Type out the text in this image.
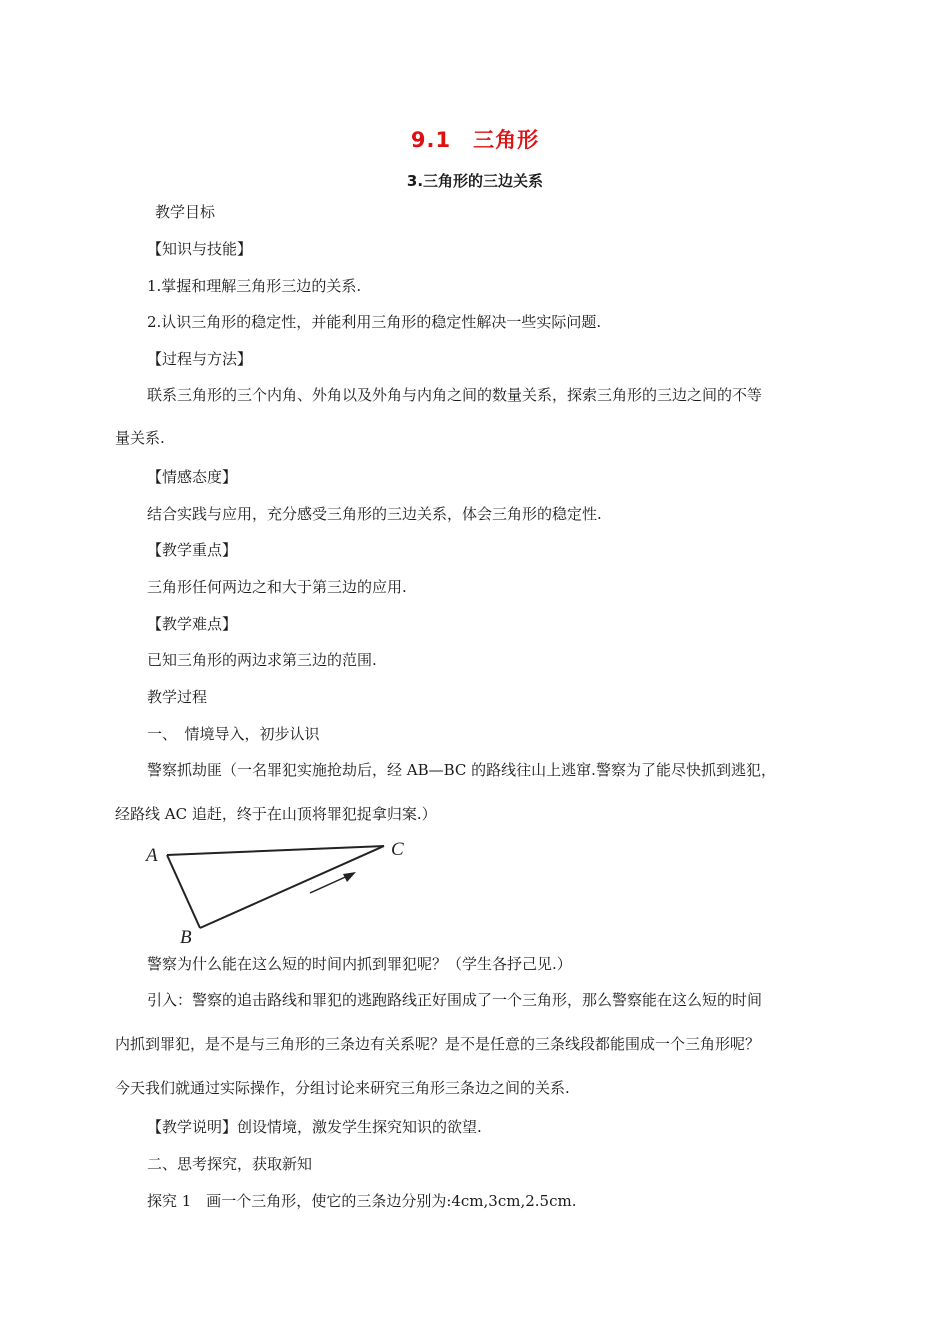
9.1　三角形
3.三角形的三边关系
教学目标
【知识与技能】
1.掌握和理解三角形三边的关系.
2.认识三角形的稳定性，并能利用三角形的稳定性解决一些实际问题.
【过程与方法】
联系三角形的三个内角、外角以及外角与内角之间的数量关系，探索三角形的三边之间的不等
量关系.
【情感态度】
结合实践与应用，充分感受三角形的三边关系，体会三角形的稳定性.
【教学重点】
三角形任何两边之和大于第三边的应用.
【教学难点】
已知三角形的两边求第三边的范围.
教学过程
一、　情境导入，初步认识
警察抓劫匪（一名罪犯实施抢劫后，经 AB—BC 的路线往山上逃窜.警察为了能尽快抓到逃犯，
经路线 AC 追赶，终于在山顶将罪犯捉拿归案.）
A
B
C
警察为什么能在这么短的时间内抓到罪犯呢？（学生各抒己见.）
引入：警察的追击路线和罪犯的逃跑路线正好围成了一个三角形，那么警察能在这么短的时间
内抓到罪犯，是不是与三角形的三条边有关系呢？是不是任意的三条线段都能围成一个三角形呢？
今天我们就通过实际操作，分组讨论来研究三角形三条边之间的关系.
【教学说明】创设情境，激发学生探究知识的欲望.
二、思考探究，获取新知
探究 1　画一个三角形，使它的三条边分别为:4cm,3cm,2.5cm.
